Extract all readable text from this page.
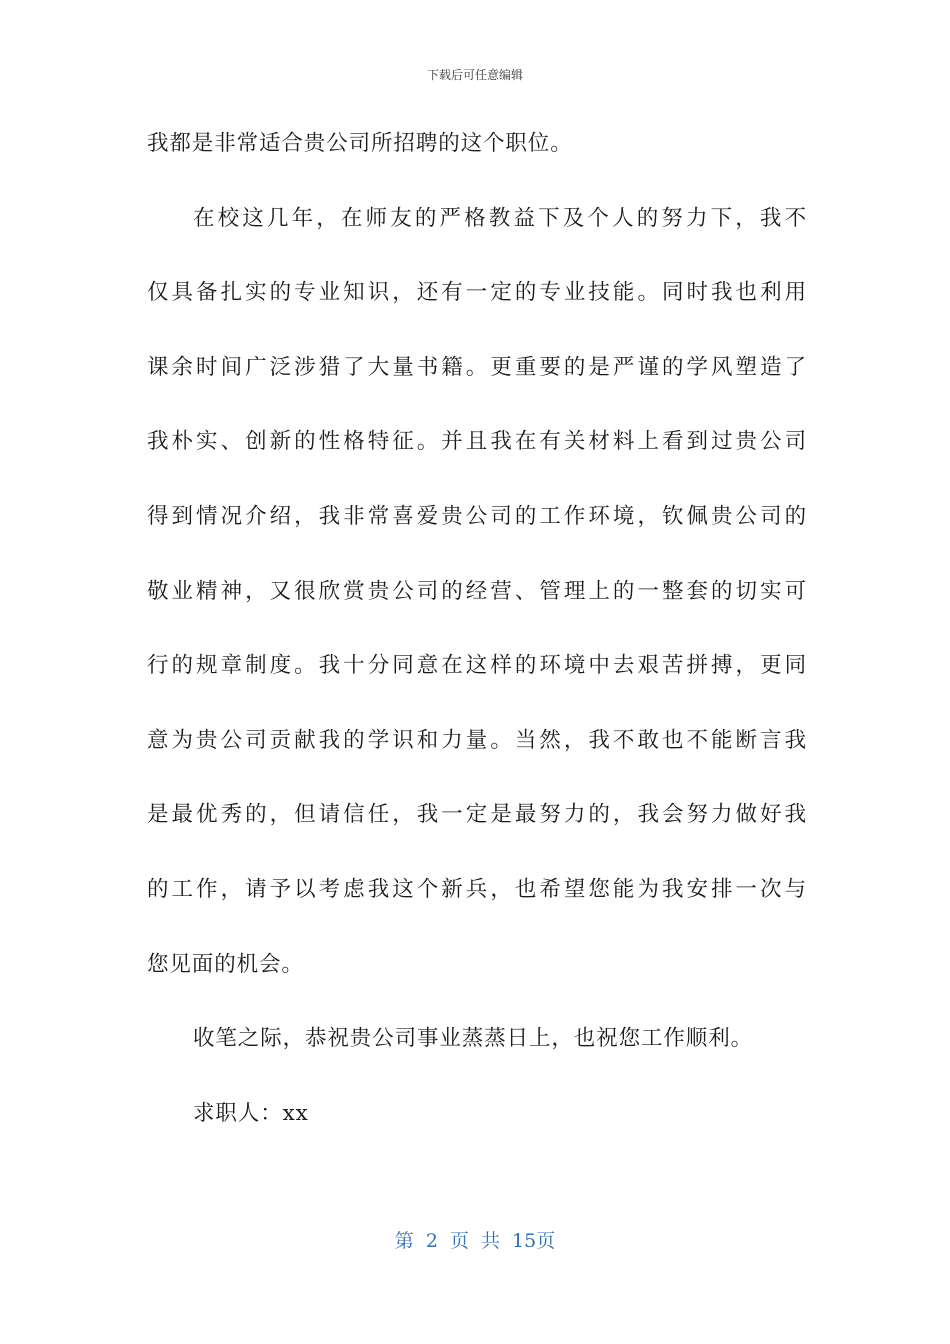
下载后可任意编辑
我都是非常适合贵公司所招聘的这个职位。
在校这几年，在师友的严格教益下及个人的努力下，我不
仅具备扎实的专业知识，还有一定的专业技能。同时我也利用
课余时间广泛涉猎了大量书籍。更重要的是严谨的学风塑造了
我朴实、创新的性格特征。并且我在有关材料上看到过贵公司
得到情况介绍，我非常喜爱贵公司的工作环境，钦佩贵公司的
敬业精神，又很欣赏贵公司的经营、管理上的一整套的切实可
行的规章制度。我十分同意在这样的环境中去艰苦拼搏，更同
意为贵公司贡献我的学识和力量。当然，我不敢也不能断言我
是最优秀的，但请信任，我一定是最努力的，我会努力做好我
的工作，请予以考虑我这个新兵，也希望您能为我安排一次与
您见面的机会。
收笔之际，恭祝贵公司事业蒸蒸日上，也祝您工作顺利。
求职人：xx
第 2 页 共 15页
